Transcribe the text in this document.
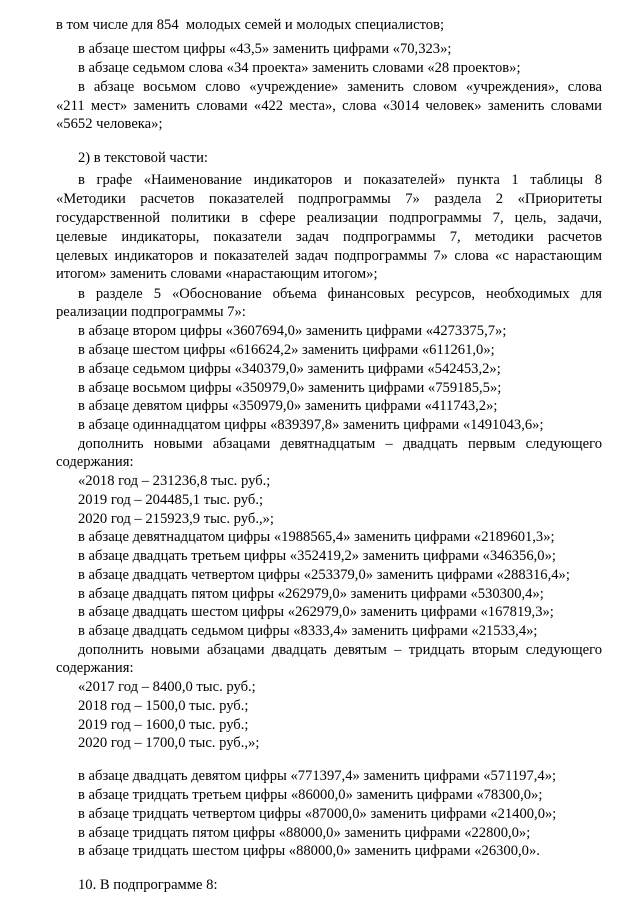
в том числе для 854  молодых семей и молодых специалистов;

в абзаце шестом цифры «43,5» заменить цифрами «70,323»;

в абзаце седьмом слова «34 проекта» заменить словами «28 проектов»;

в абзаце восьмом слово «учреждение» заменить словом «учреждения», слова

«211 мест» заменить словами «422 места», слова «3014 человек» заменить словами

«5652 человека»;

2) в текстовой части:

в графе «Наименование индикаторов и показателей» пункта 1 таблицы 8

«Методики расчетов показателей подпрограммы 7» раздела 2 «Приоритеты

государственной политики в сфере реализации подпрограммы 7, цель, задачи,

целевые индикаторы, показатели задач подпрограммы 7, методики расчетов

целевых индикаторов и показателей задач подпрограммы 7» слова «с нарастающим

итогом» заменить словами «нарастающим итогом»;

в разделе 5 «Обоснование объема финансовых ресурсов, необходимых для

реализации подпрограммы 7»:

в абзаце втором цифры «3607694,0» заменить цифрами «4273375,7»;

в абзаце шестом цифры «616624,2» заменить цифрами «611261,0»;

в абзаце седьмом цифры «340379,0» заменить цифрами «542453,2»;

в абзаце восьмом цифры «350979,0» заменить цифрами «759185,5»;

в абзаце девятом цифры «350979,0» заменить цифрами «411743,2»;

в абзаце одиннадцатом цифры «839397,8» заменить цифрами «1491043,6»;

дополнить новыми абзацами девятнадцатым – двадцать первым следующего

содержания:

«2018 год – 231236,8 тыс. руб.;

2019 год – 204485,1 тыс. руб.;

2020 год – 215923,9 тыс. руб.,»;

в абзаце девятнадцатом цифры «1988565,4» заменить цифрами «2189601,3»;

в абзаце двадцать третьем цифры «352419,2» заменить цифрами «346356,0»;

в абзаце двадцать четвертом цифры «253379,0» заменить цифрами «288316,4»;

в абзаце двадцать пятом цифры «262979,0» заменить цифрами «530300,4»;

в абзаце двадцать шестом цифры «262979,0» заменить цифрами «167819,3»;

в абзаце двадцать седьмом цифры «8333,4» заменить цифрами «21533,4»;

дополнить новыми абзацами двадцать девятым – тридцать вторым следующего

содержания:

«2017 год – 8400,0 тыс. руб.;

2018 год – 1500,0 тыс. руб.;

2019 год – 1600,0 тыс. руб.;

2020 год – 1700,0 тыс. руб.,»;

в абзаце двадцать девятом цифры «771397,4» заменить цифрами «571197,4»;

в абзаце тридцать третьем цифры «86000,0» заменить цифрами «78300,0»;

в абзаце тридцать четвертом цифры «87000,0» заменить цифрами «21400,0»;

в абзаце тридцать пятом цифры «88000,0» заменить цифрами «22800,0»;

в абзаце тридцать шестом цифры «88000,0» заменить цифрами «26300,0».

10. В подпрограмме 8:
